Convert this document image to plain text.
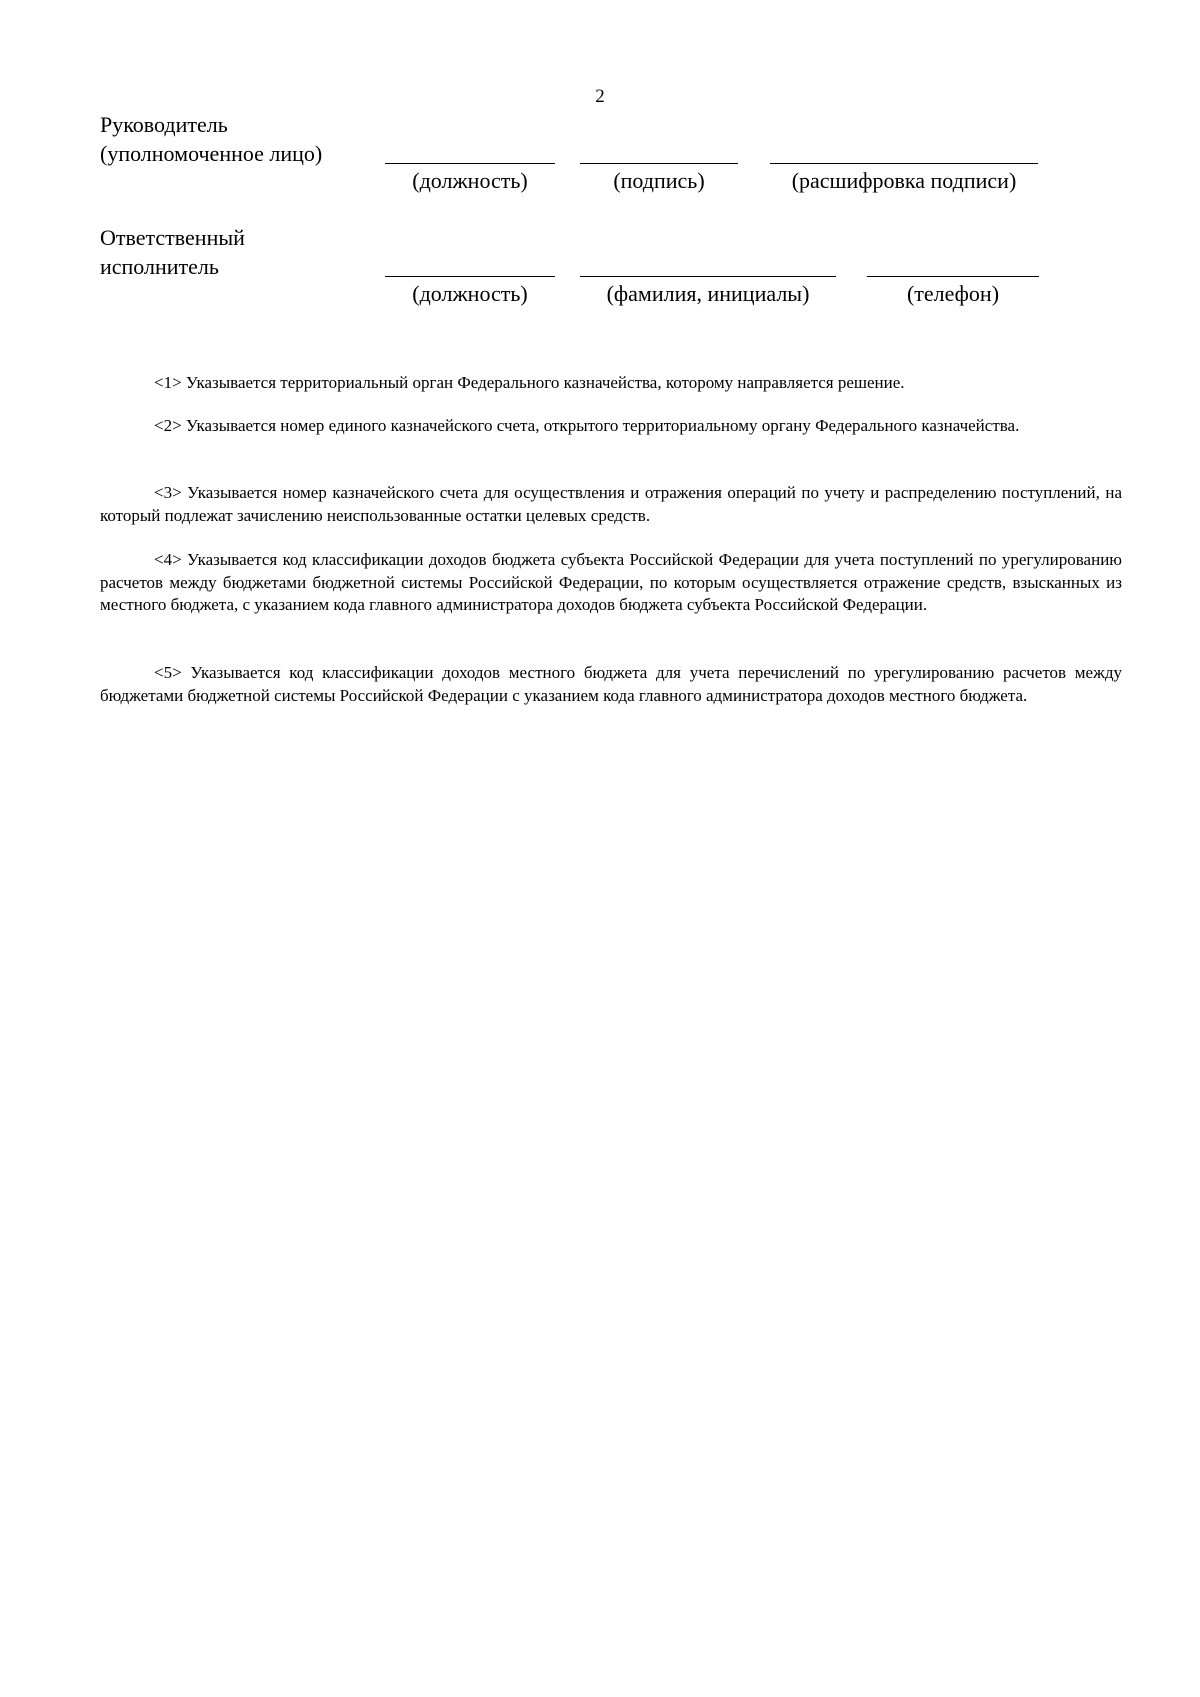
2
Руководитель
(уполномоченное лицо)
(должность)	(подпись)	(расшифровка подписи)
Ответственный
исполнитель
(должность)	(фамилия, инициалы)	(телефон)

<1> Указывается территориальный орган Федерального казначейства, которому направляется решение.

<2> Указывается номер единого казначейского счета, открытого территориальному органу Федерального казначейства.

<3> Указывается номер казначейского счета для осуществления и отражения операций по учету и распределению поступлений, на который подлежат зачислению неиспользованные остатки целевых средств.

<4> Указывается код классификации доходов бюджета субъекта Российской Федерации для учета поступлений по урегулированию расчетов между бюджетами бюджетной системы Российской Федерации, по которым осуществляется отражение средств, взысканных из местного бюджета, с указанием кода главного администратора доходов бюджета субъекта Российской Федерации.

<5> Указывается код классификации доходов местного бюджета для учета перечислений по урегулированию расчетов между бюджетами бюджетной системы Российской Федерации с указанием кода главного администратора доходов местного бюджета.
